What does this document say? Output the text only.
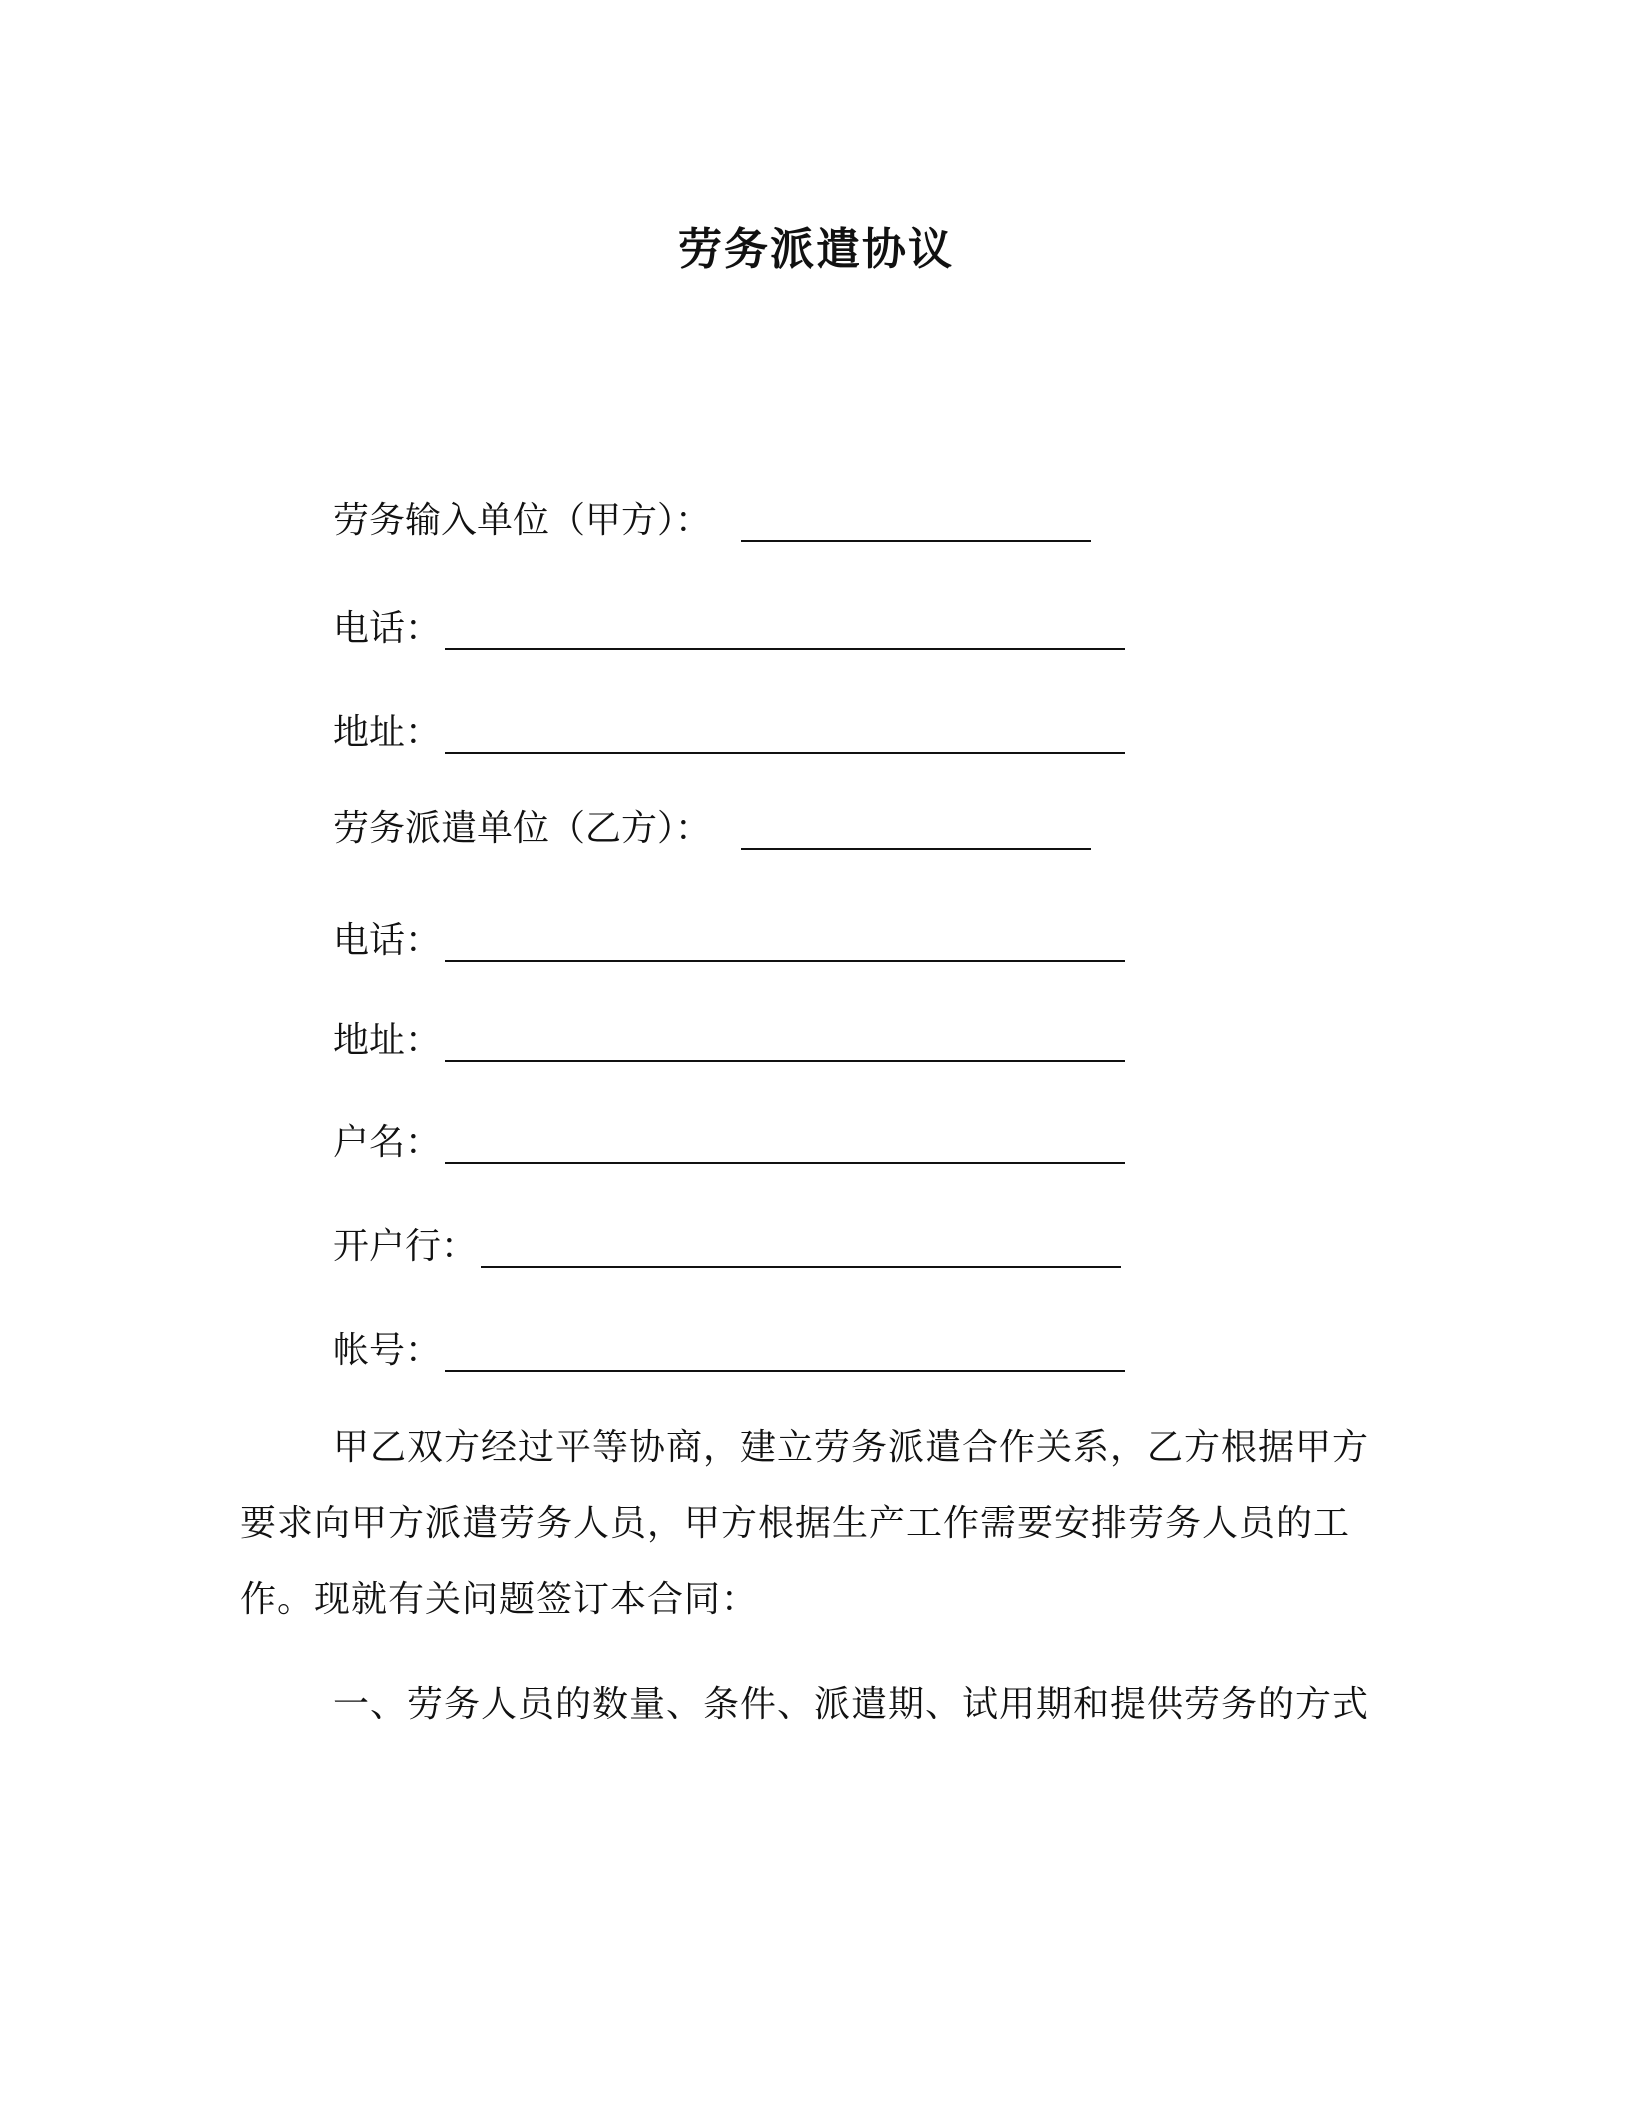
劳务派遣协议
劳务输入单位（甲方）：
电话：
地址：
劳务派遣单位（乙方）：
电话：
地址：
户名：
开户行：
帐号：
甲乙双方经过平等协商，建立劳务派遣合作关系，乙方根据甲方要求向甲方派遣劳务人员，甲方根据生产工作需要安排劳务人员的工作。现就有关问题签订本合同：
一、劳务人员的数量、条件、派遣期、试用期和提供劳务的方式
